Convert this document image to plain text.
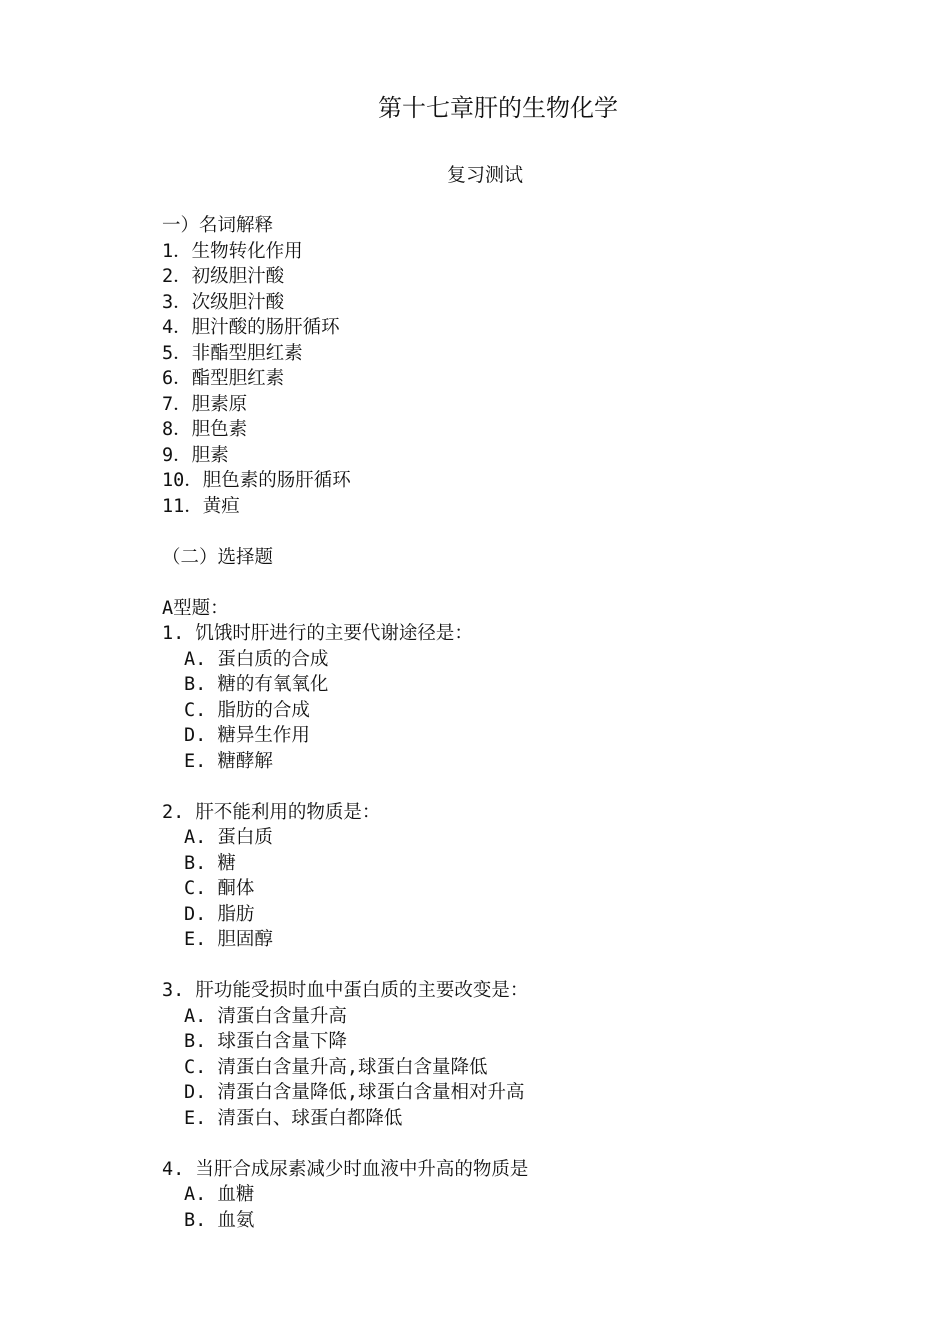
第十七章肝的生物化学
复习测试
一）名词解释
1．生物转化作用
2．初级胆汁酸
3．次级胆汁酸
4．胆汁酸的肠肝循环
5．非酯型胆红素
6．酯型胆红素
7．胆素原
8．胆色素
9．胆素
10．胆色素的肠肝循环
11．黄疸
（二）选择题
A型题：
1. 饥饿时肝进行的主要代谢途径是：
A. 蛋白质的合成
B. 糖的有氧氧化
C. 脂肪的合成
D. 糖异生作用
E. 糖酵解
2. 肝不能利用的物质是：
A. 蛋白质
B. 糖
C. 酮体
D. 脂肪
E. 胆固醇
3. 肝功能受损时血中蛋白质的主要改变是：
A. 清蛋白含量升高
B. 球蛋白含量下降
C. 清蛋白含量升高,球蛋白含量降低
D. 清蛋白含量降低,球蛋白含量相对升高
E. 清蛋白、球蛋白都降低
4. 当肝合成尿素减少时血液中升高的物质是
A. 血糖
B. 血氨
